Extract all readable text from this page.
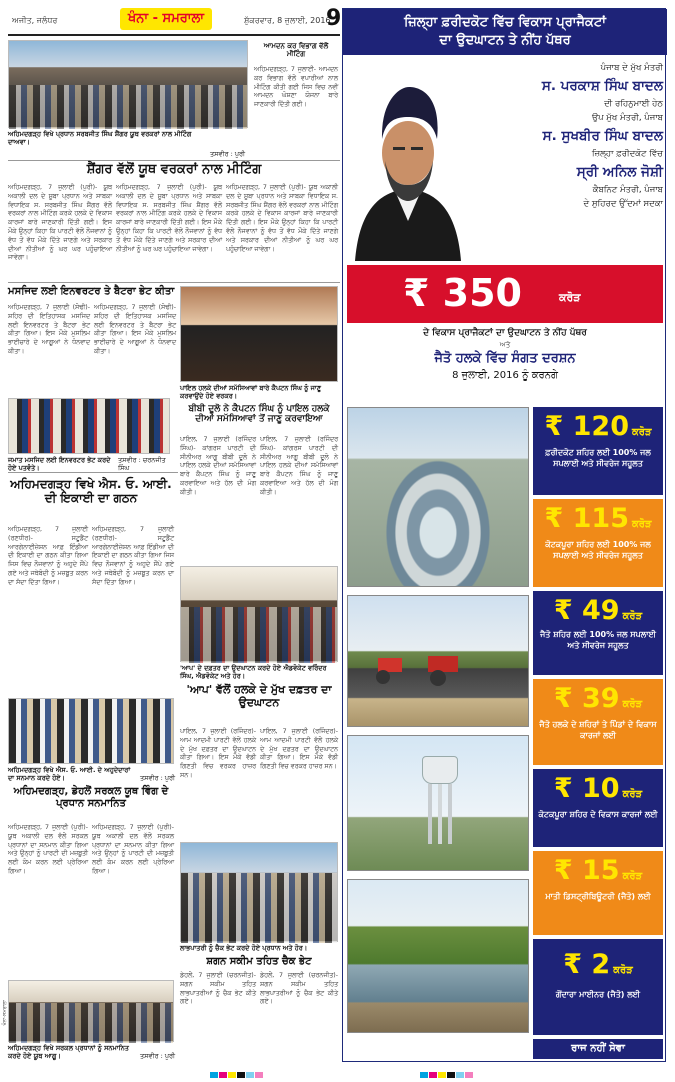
ਅਜੀਤ, ਜਲੰਧਰ	ਖੰਨਾ - ਸਮਰਾਲਾ	ਸ਼ੁੱਕਰਵਾਰ, 8 ਜੁਲਾਈ, 2016
9
ਅਹਿਮਦਗੜ੍ਹ ਵਿਖੇ ਪ੍ਰਧਾਨ ਸਰਬਜੀਤ ਸਿੰਘ ਸ਼ੈਂਗਰ ਯੂਥ ਵਰਕਰਾਂ ਨਾਲ ਮੀਟਿੰਗ ਦਾਅਵਾ।
ਤਸਵੀਰ : ਪੁਰੀ
ਆਮਦਨ ਕਰ ਵਿਭਾਗ ਵੱਲੋਂ ਮੀਟਿੰਗ
ਅਹਿਮਦਗੜ੍ਹ, 7 ਜੁਲਾਈ- ਆਮਦਨ ਕਰ ਵਿਭਾਗ ਵੱਲੋਂ ਵਪਾਰੀਆਂ ਨਾਲ ਮੀਟਿੰਗ ਕੀਤੀ ਗਈ ਜਿਸ ਵਿਚ ਨਵੀਂ ਆਮਦਨ ਘੋਸ਼ਣਾ ਯੋਜਨਾ ਬਾਰੇ ਜਾਣਕਾਰੀ ਦਿੱਤੀ ਗਈ।
ਸ਼ੈਂਗਰ ਵੱਲੋਂ ਯੂਥ ਵਰਕਰਾਂ ਨਾਲ ਮੀਟਿੰਗ
ਅਹਿਮਦਗੜ੍ਹ, 7 ਜੁਲਾਈ (ਪੁਰੀ)- ਯੂਥ ਅਕਾਲੀ ਦਲ ਦੇ ਸੂਬਾ ਪ੍ਰਧਾਨ ਅਤੇ ਸਾਬਕਾ ਵਿਧਾਇਕ ਸ. ਸਰਬਜੀਤ ਸਿੰਘ ਸ਼ੈਂਗਰ ਵੱਲੋਂ ਵਰਕਰਾਂ ਨਾਲ ਮੀਟਿੰਗ ਕਰਕੇ ਹਲਕੇ ਦੇ ਵਿਕਾਸ ਕਾਰਜਾਂ ਬਾਰੇ ਜਾਣਕਾਰੀ ਦਿੱਤੀ ਗਈ। ਇਸ ਮੌਕੇ ਉਨ੍ਹਾਂ ਕਿਹਾ ਕਿ ਪਾਰਟੀ ਵੱਲੋਂ ਨੌਜਵਾਨਾਂ ਨੂੰ ਵੱਧ ਤੋਂ ਵੱਧ ਮੌਕੇ ਦਿੱਤੇ ਜਾਣਗੇ ਅਤੇ ਸਰਕਾਰ ਦੀਆਂ ਨੀਤੀਆਂ ਨੂੰ ਘਰ ਘਰ ਪਹੁੰਚਾਇਆ ਜਾਵੇਗਾ।
ਅਹਿਮਦਗੜ੍ਹ, 7 ਜੁਲਾਈ (ਪੁਰੀ)- ਯੂਥ ਅਕਾਲੀ ਦਲ ਦੇ ਸੂਬਾ ਪ੍ਰਧਾਨ ਅਤੇ ਸਾਬਕਾ ਵਿਧਾਇਕ ਸ. ਸਰਬਜੀਤ ਸਿੰਘ ਸ਼ੈਂਗਰ ਵੱਲੋਂ ਵਰਕਰਾਂ ਨਾਲ ਮੀਟਿੰਗ ਕਰਕੇ ਹਲਕੇ ਦੇ ਵਿਕਾਸ ਕਾਰਜਾਂ ਬਾਰੇ ਜਾਣਕਾਰੀ ਦਿੱਤੀ ਗਈ। ਇਸ ਮੌਕੇ ਉਨ੍ਹਾਂ ਕਿਹਾ ਕਿ ਪਾਰਟੀ ਵੱਲੋਂ ਨੌਜਵਾਨਾਂ ਨੂੰ ਵੱਧ ਤੋਂ ਵੱਧ ਮੌਕੇ ਦਿੱਤੇ ਜਾਣਗੇ ਅਤੇ ਸਰਕਾਰ ਦੀਆਂ ਨੀਤੀਆਂ ਨੂੰ ਘਰ ਘਰ ਪਹੁੰਚਾਇਆ ਜਾਵੇਗਾ।
ਅਹਿਮਦਗੜ੍ਹ, 7 ਜੁਲਾਈ (ਪੁਰੀ)- ਯੂਥ ਅਕਾਲੀ ਦਲ ਦੇ ਸੂਬਾ ਪ੍ਰਧਾਨ ਅਤੇ ਸਾਬਕਾ ਵਿਧਾਇਕ ਸ. ਸਰਬਜੀਤ ਸਿੰਘ ਸ਼ੈਂਗਰ ਵੱਲੋਂ ਵਰਕਰਾਂ ਨਾਲ ਮੀਟਿੰਗ ਕਰਕੇ ਹਲਕੇ ਦੇ ਵਿਕਾਸ ਕਾਰਜਾਂ ਬਾਰੇ ਜਾਣਕਾਰੀ ਦਿੱਤੀ ਗਈ। ਇਸ ਮੌਕੇ ਉਨ੍ਹਾਂ ਕਿਹਾ ਕਿ ਪਾਰਟੀ ਵੱਲੋਂ ਨੌਜਵਾਨਾਂ ਨੂੰ ਵੱਧ ਤੋਂ ਵੱਧ ਮੌਕੇ ਦਿੱਤੇ ਜਾਣਗੇ ਅਤੇ ਸਰਕਾਰ ਦੀਆਂ ਨੀਤੀਆਂ ਨੂੰ ਘਰ ਘਰ ਪਹੁੰਚਾਇਆ ਜਾਵੇਗਾ।
ਮਸਜਿਦ ਲਈ ਇਨਵਰਟਰ ਤੇ ਬੈਟਰਾ ਭੇਟ ਕੀਤਾ
ਅਹਿਮਦਗੜ੍ਹ, 7 ਜੁਲਾਈ (ਸੋਢੀ)- ਸ਼ਹਿਰ ਦੀ ਇਤਿਹਾਸਕ ਮਸਜਿਦ ਲਈ ਇਨਵਰਟਰ ਤੇ ਬੈਟਰਾ ਭੇਟ ਕੀਤਾ ਗਿਆ। ਇਸ ਮੌਕੇ ਮੁਸਲਿਮ ਭਾਈਚਾਰੇ ਦੇ ਆਗੂਆਂ ਨੇ ਧੰਨਵਾਦ ਕੀਤਾ।
ਅਹਿਮਦਗੜ੍ਹ, 7 ਜੁਲਾਈ (ਸੋਢੀ)- ਸ਼ਹਿਰ ਦੀ ਇਤਿਹਾਸਕ ਮਸਜਿਦ ਲਈ ਇਨਵਰਟਰ ਤੇ ਬੈਟਰਾ ਭੇਟ ਕੀਤਾ ਗਿਆ। ਇਸ ਮੌਕੇ ਮੁਸਲਿਮ ਭਾਈਚਾਰੇ ਦੇ ਆਗੂਆਂ ਨੇ ਧੰਨਵਾਦ ਕੀਤਾ।
ਪਾਇਲ ਹਲਕੇ ਦੀਆਂ ਸਮੱਸਿਆਵਾਂ ਬਾਰੇ ਕੈਪਟਨ ਸਿੰਘ ਨੂੰ ਜਾਣੂ ਕਰਵਾਉਂਦੇ ਹੋਏ ਵਰਕਰ।
ਜਮਾਤ ਮਸਜਿਦ ਲਈ ਇਨਵਰਟਰ ਭੇਟ ਕਰਦੇ ਹੋਏ ਪਤਵੰਤੇ।
ਤਸਵੀਰ : ਚਰਨਜੀਤ ਸਿੰਘ
ਬੀਬੀ ਦੂਲੋ ਨੇ ਕੈਪਟਨ ਸਿੰਘ ਨੂੰ ਪਾਇਲ ਹਲਕੇ ਦੀਆਂ ਸਮੱਸਿਆਵਾਂ ਤੋਂ ਜਾਣੂ ਕਰਵਾਇਆ
ਪਾਇਲ, 7 ਜੁਲਾਈ (ਰਜਿੰਦਰ ਸਿੰਘ)- ਕਾਂਗਰਸ ਪਾਰਟੀ ਦੀ ਸੀਨੀਅਰ ਆਗੂ ਬੀਬੀ ਦੂਲੋ ਨੇ ਪਾਇਲ ਹਲਕੇ ਦੀਆਂ ਸਮੱਸਿਆਵਾਂ ਬਾਰੇ ਕੈਪਟਨ ਸਿੰਘ ਨੂੰ ਜਾਣੂ ਕਰਵਾਇਆ ਅਤੇ ਹੱਲ ਦੀ ਮੰਗ ਕੀਤੀ।
ਪਾਇਲ, 7 ਜੁਲਾਈ (ਰਜਿੰਦਰ ਸਿੰਘ)- ਕਾਂਗਰਸ ਪਾਰਟੀ ਦੀ ਸੀਨੀਅਰ ਆਗੂ ਬੀਬੀ ਦੂਲੋ ਨੇ ਪਾਇਲ ਹਲਕੇ ਦੀਆਂ ਸਮੱਸਿਆਵਾਂ ਬਾਰੇ ਕੈਪਟਨ ਸਿੰਘ ਨੂੰ ਜਾਣੂ ਕਰਵਾਇਆ ਅਤੇ ਹੱਲ ਦੀ ਮੰਗ ਕੀਤੀ।
ਅਹਿਮਦਗੜ੍ਹ ਵਿਖੇ ਐਸ. ਓ. ਆਈ. ਦੀ ਇਕਾਈ ਦਾ ਗਠਨ
ਅਹਿਮਦਗੜ੍ਹ, 7 ਜੁਲਾਈ (ਰਣਧੀਰ)- ਸਟੂਡੈਂਟ ਆਰਗੇਨਾਈਜ਼ੇਸ਼ਨ ਆਫ਼ ਇੰਡੀਆ ਦੀ ਇਕਾਈ ਦਾ ਗਠਨ ਕੀਤਾ ਗਿਆ ਜਿਸ ਵਿਚ ਨੌਜਵਾਨਾਂ ਨੂੰ ਅਹੁਦੇ ਸੌਂਪੇ ਗਏ ਅਤੇ ਜਥੇਬੰਦੀ ਨੂੰ ਮਜ਼ਬੂਤ ਕਰਨ ਦਾ ਸੱਦਾ ਦਿੱਤਾ ਗਿਆ।
ਅਹਿਮਦਗੜ੍ਹ, 7 ਜੁਲਾਈ (ਰਣਧੀਰ)- ਸਟੂਡੈਂਟ ਆਰਗੇਨਾਈਜ਼ੇਸ਼ਨ ਆਫ਼ ਇੰਡੀਆ ਦੀ ਇਕਾਈ ਦਾ ਗਠਨ ਕੀਤਾ ਗਿਆ ਜਿਸ ਵਿਚ ਨੌਜਵਾਨਾਂ ਨੂੰ ਅਹੁਦੇ ਸੌਂਪੇ ਗਏ ਅਤੇ ਜਥੇਬੰਦੀ ਨੂੰ ਮਜ਼ਬੂਤ ਕਰਨ ਦਾ ਸੱਦਾ ਦਿੱਤਾ ਗਿਆ।
'ਆਪ' ਦੇ ਦਫ਼ਤਰ ਦਾ ਉਦਘਾਟਨ ਕਰਦੇ ਹੋਏ ਐਡਵੋਕੇਟ ਵਰਿੰਦਰ ਸਿੰਘ, ਐਡਵੋਕੇਟ ਅਤੇ ਹੋਰ।
'ਆਪ' ਵੱਲੋਂ ਹਲਕੇ ਦੇ ਮੁੱਖ ਦਫ਼ਤਰ ਦਾ ਉਦਘਾਟਨ
ਪਾਇਲ, 7 ਜੁਲਾਈ (ਰਜਿੰਦਰ)- ਆਮ ਆਦਮੀ ਪਾਰਟੀ ਵੱਲੋਂ ਹਲਕੇ ਦੇ ਮੁੱਖ ਦਫ਼ਤਰ ਦਾ ਉਦਘਾਟਨ ਕੀਤਾ ਗਿਆ। ਇਸ ਮੌਕੇ ਵੱਡੀ ਗਿਣਤੀ ਵਿਚ ਵਰਕਰ ਹਾਜ਼ਰ ਸਨ।
ਪਾਇਲ, 7 ਜੁਲਾਈ (ਰਜਿੰਦਰ)- ਆਮ ਆਦਮੀ ਪਾਰਟੀ ਵੱਲੋਂ ਹਲਕੇ ਦੇ ਮੁੱਖ ਦਫ਼ਤਰ ਦਾ ਉਦਘਾਟਨ ਕੀਤਾ ਗਿਆ। ਇਸ ਮੌਕੇ ਵੱਡੀ ਗਿਣਤੀ ਵਿਚ ਵਰਕਰ ਹਾਜ਼ਰ ਸਨ।
ਅਹਿਮਦਗੜ੍ਹ ਵਿਖੇ ਐਸ. ਓ. ਆਈ. ਦੇ ਅਹੁਦੇਦਾਰਾਂ ਦਾ ਸਨਮਾਨ ਕਰਦੇ ਹੋਏ।	ਤਸਵੀਰ : ਪੁਰੀ
ਅਹਿਮਦਗੜ੍ਹ, ਡੇਹਲੋਂ ਸਰਕਲ ਯੂਥ ਵਿੰਗ ਦੇ ਪ੍ਰਧਾਨ ਸਨਮਾਨਿਤ
ਅਹਿਮਦਗੜ੍ਹ, 7 ਜੁਲਾਈ (ਪੁਰੀ)- ਯੂਥ ਅਕਾਲੀ ਦਲ ਵੱਲੋਂ ਸਰਕਲ ਪ੍ਰਧਾਨਾਂ ਦਾ ਸਨਮਾਨ ਕੀਤਾ ਗਿਆ ਅਤੇ ਉਨ੍ਹਾਂ ਨੂੰ ਪਾਰਟੀ ਦੀ ਮਜ਼ਬੂਤੀ ਲਈ ਕੰਮ ਕਰਨ ਲਈ ਪ੍ਰੇਰਿਆ ਗਿਆ।
ਅਹਿਮਦਗੜ੍ਹ, 7 ਜੁਲਾਈ (ਪੁਰੀ)- ਯੂਥ ਅਕਾਲੀ ਦਲ ਵੱਲੋਂ ਸਰਕਲ ਪ੍ਰਧਾਨਾਂ ਦਾ ਸਨਮਾਨ ਕੀਤਾ ਗਿਆ ਅਤੇ ਉਨ੍ਹਾਂ ਨੂੰ ਪਾਰਟੀ ਦੀ ਮਜ਼ਬੂਤੀ ਲਈ ਕੰਮ ਕਰਨ ਲਈ ਪ੍ਰੇਰਿਆ ਗਿਆ।
ਲਾਭਪਾਤਰੀ ਨੂੰ ਚੈਕ ਭੇਟ ਕਰਦੇ ਹੋਏ ਪ੍ਰਧਾਨ ਅਤੇ ਹੋਰ।
ਸ਼ਗਨ ਸਕੀਮ ਤਹਿਤ ਚੈਕ ਭੇਟ
ਡੇਹਲੋਂ, 7 ਜੁਲਾਈ (ਚਰਨਜੀਤ)- ਸ਼ਗਨ ਸਕੀਮ ਤਹਿਤ ਲਾਭਪਾਤਰੀਆਂ ਨੂੰ ਚੈਕ ਭੇਟ ਕੀਤੇ ਗਏ।
ਡੇਹਲੋਂ, 7 ਜੁਲਾਈ (ਚਰਨਜੀਤ)- ਸ਼ਗਨ ਸਕੀਮ ਤਹਿਤ ਲਾਭਪਾਤਰੀਆਂ ਨੂੰ ਚੈਕ ਭੇਟ ਕੀਤੇ ਗਏ।
ਅਹਿਮਦਗੜ੍ਹ ਵਿਖੇ ਸਰਕਲ ਪ੍ਰਧਾਨਾਂ ਨੂੰ ਸਨਮਾਨਿਤ ਕਰਦੇ ਹੋਏ ਯੂਥ ਆਗੂ।	ਤਸਵੀਰ : ਪੁਰੀ
ਖੰਨਾ-ਸਮਰਾਲਾ
ਜ਼ਿਲ੍ਹਾ ਫ਼ਰੀਦਕੋਟ ਵਿੱਚ ਵਿਕਾਸ ਪ੍ਰਾਜੈਕਟਾਂ
ਦਾ ਉਦਘਾਟਨ ਤੇ ਨੀਂਹ ਪੱਥਰ
ਪੰਜਾਬ ਦੇ ਮੁੱਖ ਮੰਤਰੀ
ਸ. ਪਰਕਾਸ਼ ਸਿੰਘ ਬਾਦਲ
ਦੀ ਰਹਿਨੁਮਾਈ ਹੇਠ
ਉਪ ਮੁੱਖ ਮੰਤਰੀ, ਪੰਜਾਬ
ਸ. ਸੁਖਬੀਰ ਸਿੰਘ ਬਾਦਲ
ਜ਼ਿਲ੍ਹਾ ਫ਼ਰੀਦਕੋਟ ਵਿੱਚ
ਸ੍ਰੀ ਅਨਿਲ ਜੋਸ਼ੀ
ਕੈਬਨਿਟ ਮੰਤਰੀ, ਪੰਜਾਬ
ਦੇ ਸੁਹਿਰਦ ਉੱਦਮਾਂ ਸਦਕਾ
₹ 350	ਕਰੋੜ
ਦੇ ਵਿਕਾਸ ਪ੍ਰਾਜੈਕਟਾਂ ਦਾ ਉਦਘਾਟਨ ਤੇ ਨੀਂਹ ਪੱਥਰ
ਅਤੇ
ਜੈਤੋ ਹਲਕੇ ਵਿੱਚ ਸੰਗਤ ਦਰਸ਼ਨ
8 ਜੁਲਾਈ, 2016 ਨੂੰ ਕਰਨਗੇ
₹ 120 ਕਰੋੜ
ਫ਼ਰੀਦਕੋਟ ਸ਼ਹਿਰ ਲਈ 100% ਜਲ ਸਪਲਾਈ ਅਤੇ ਸੀਵਰੇਜ ਸਹੂਲਤ
₹ 115 ਕਰੋੜ
ਕੋਟਕਪੂਰਾ ਸ਼ਹਿਰ ਲਈ 100% ਜਲ ਸਪਲਾਈ ਅਤੇ ਸੀਵਰੇਜ ਸਹੂਲਤ
₹ 49 ਕਰੋੜ
ਜੈਤੋ ਸ਼ਹਿਰ ਲਈ 100% ਜਲ ਸਪਲਾਈ ਅਤੇ ਸੀਵਰੇਜ ਸਹੂਲਤ
₹ 39 ਕਰੋੜ
ਜੈਤੋ ਹਲਕੇ ਦੇ ਸ਼ਹਿਰਾਂ ਤੇ ਪਿੰਡਾਂ ਦੇ ਵਿਕਾਸ ਕਾਰਜਾਂ ਲਈ
₹ 10 ਕਰੋੜ
ਕੋਟਕਪੂਰਾ ਸ਼ਹਿਰ ਦੇ ਵਿਕਾਸ ਕਾਰਜਾਂ ਲਈ
₹ 15 ਕਰੋੜ
ਮਾਤੀ ਡਿਸਟ੍ਰੀਬਿਊਟਰੀ (ਜੈਤੋ) ਲਈ
₹ 2 ਕਰੋੜ
ਗੋਂਦਾਰਾ ਮਾਈਨਰ (ਜੈਤੋ) ਲਈ
ਰਾਜ ਨਹੀਂ ਸੇਵਾ
